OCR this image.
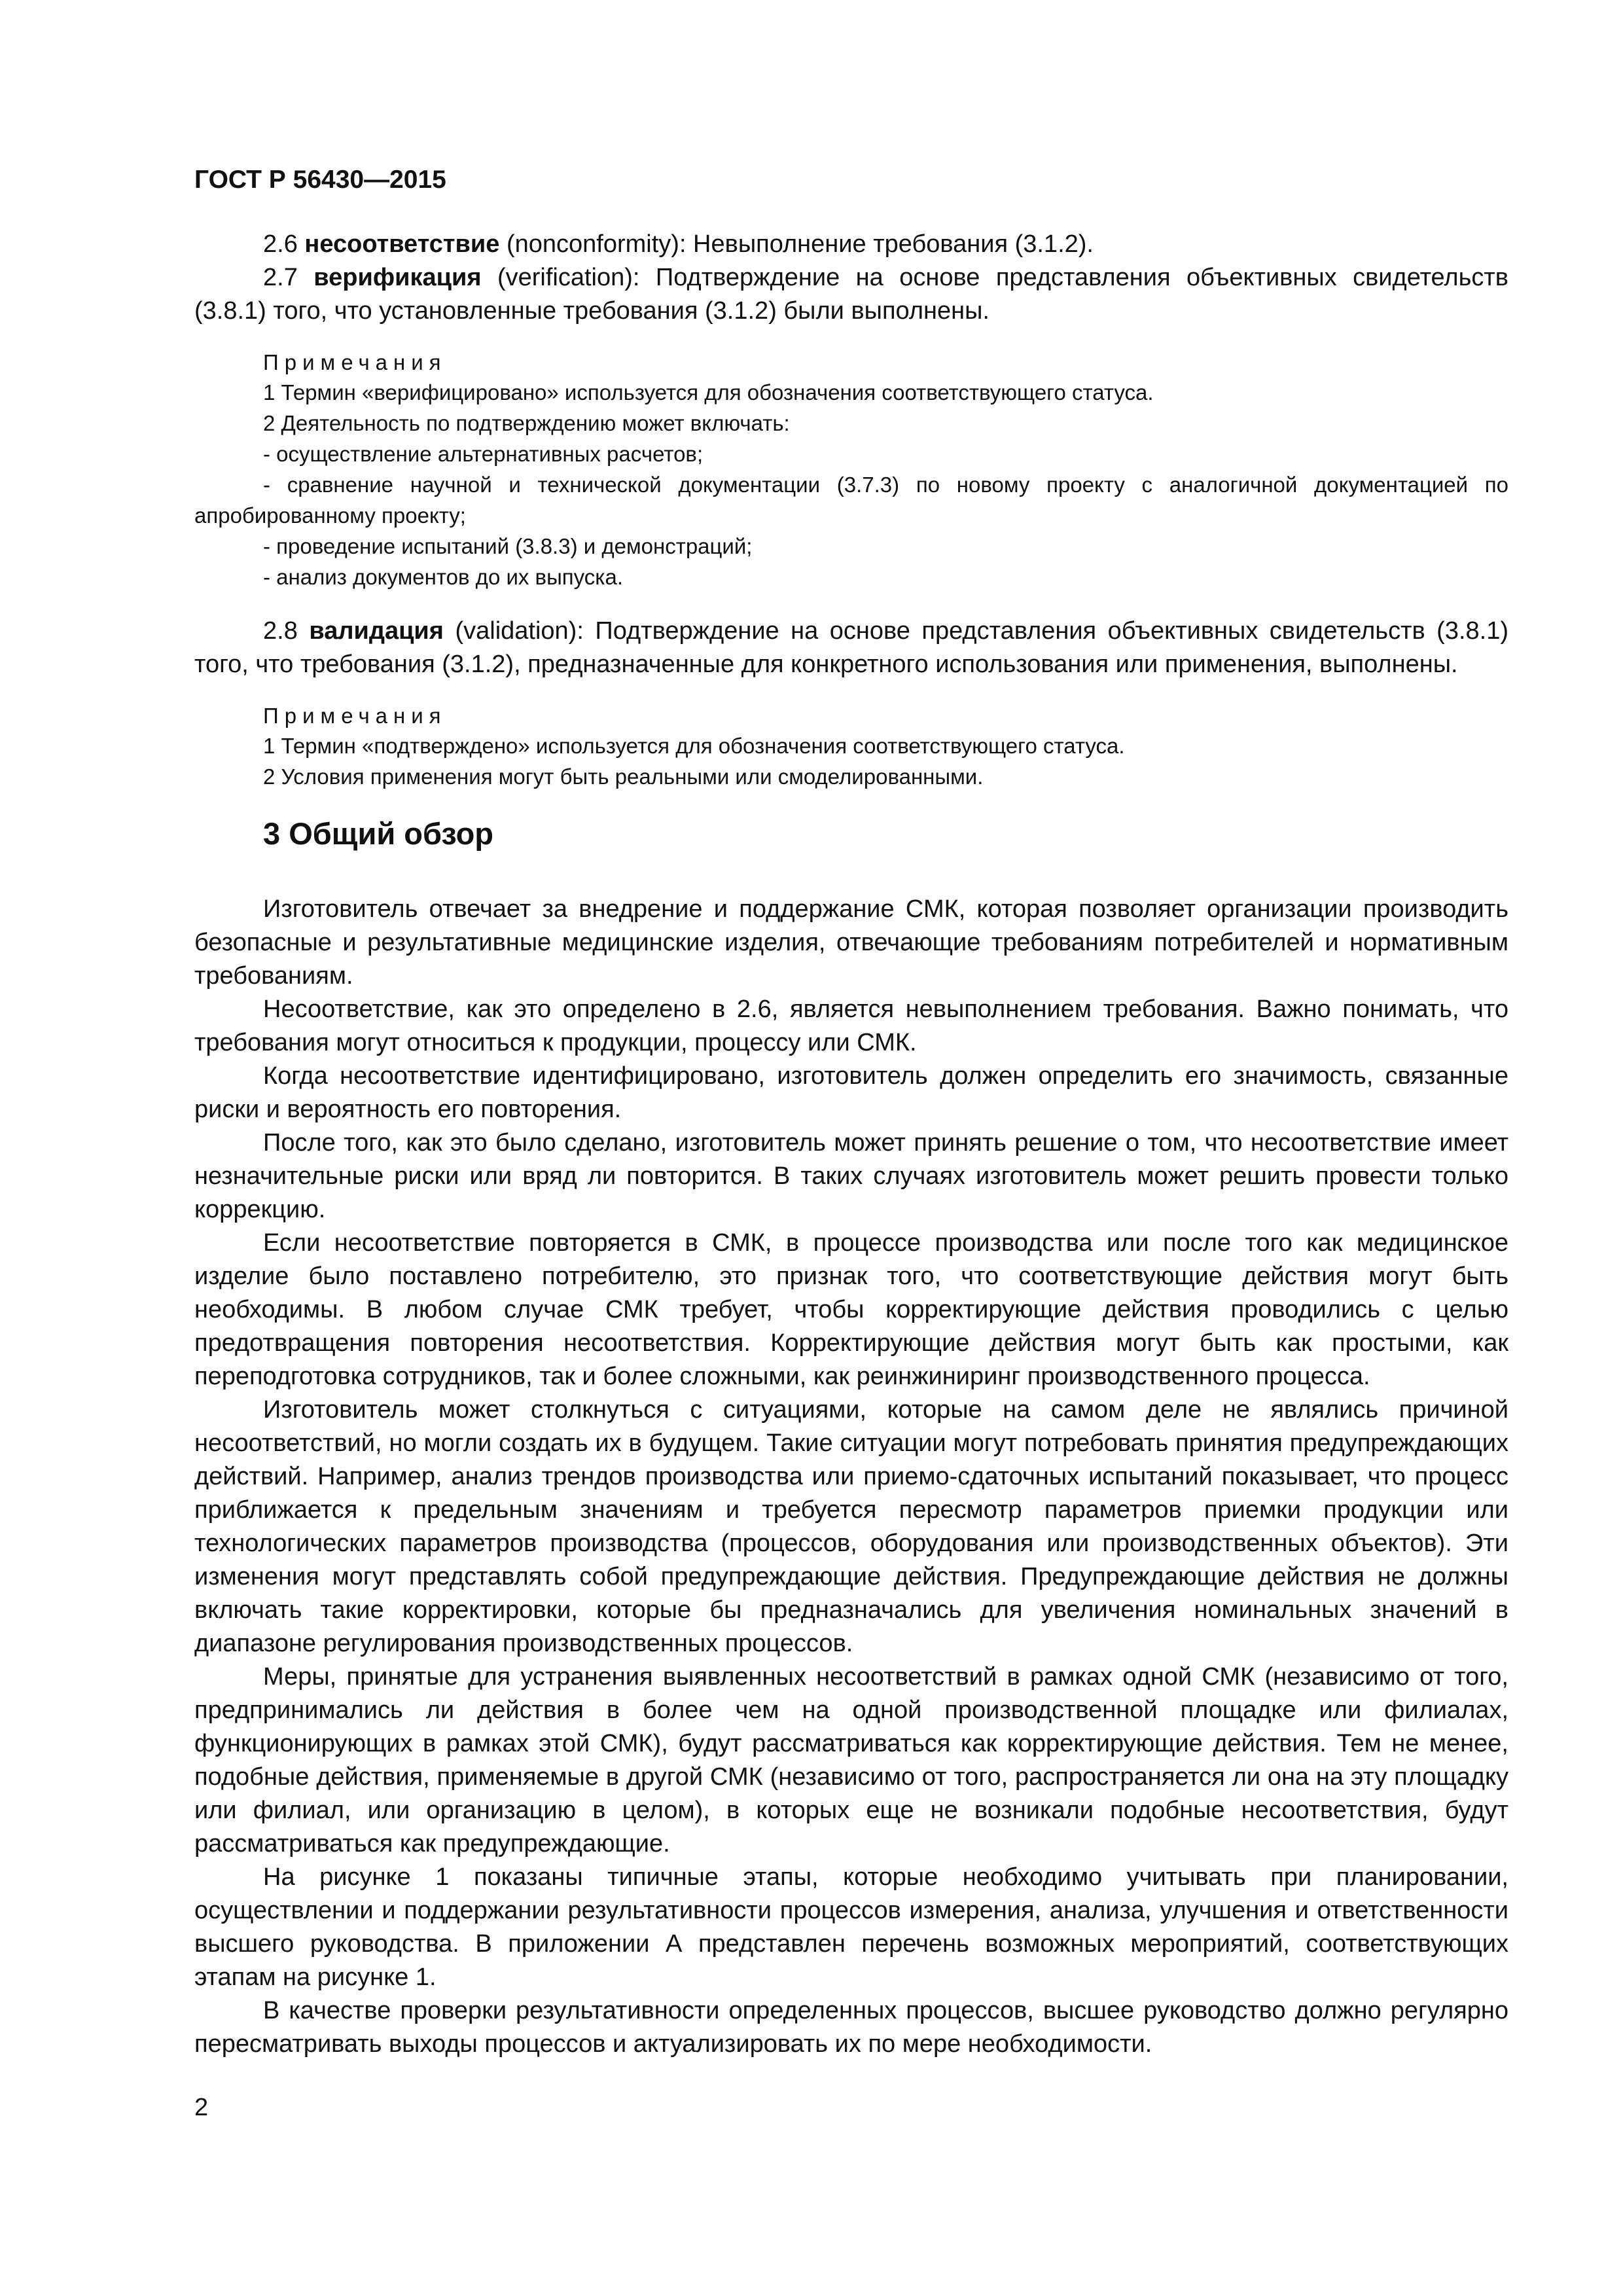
ГОСТ Р 56430—2015

2.6 несоответствие (nonconformity): Невыполнение требования (3.1.2).

2.7 верификация (verification): Подтверждение на основе представления объективных свидетельств (3.8.1) того, что установленные требования (3.1.2) были выполнены.

Примечания

1 Термин «верифицировано» используется для обозначения соответствующего статуса.

2 Деятельность по подтверждению может включать:

- осуществление альтернативных расчетов;

- сравнение научной и технической документации (3.7.3) по новому проекту с аналогичной документацией по апробированному проекту;

- проведение испытаний (3.8.3) и демонстраций;

- анализ документов до их выпуска.

2.8 валидация (validation): Подтверждение на основе представления объективных свидетельств (3.8.1) того, что требования (3.1.2), предназначенные для конкретного использования или применения, выполнены.

Примечания

1 Термин «подтверждено» используется для обозначения соответствующего статуса.

2 Условия применения могут быть реальными или смоделированными.

3 Общий обзор

Изготовитель отвечает за внедрение и поддержание СМК, которая позволяет организации производить безопасные и результативные медицинские изделия, отвечающие требованиям потребителей и нормативным требованиям.

Несоответствие, как это определено в 2.6, является невыполнением требования. Важно понимать, что требования могут относиться к продукции, процессу или СМК.

Когда несоответствие идентифицировано, изготовитель должен определить его значимость, связанные риски и вероятность его повторения.

После того, как это было сделано, изготовитель может принять решение о том, что несоответствие имеет незначительные риски или вряд ли повторится. В таких случаях изготовитель может решить провести только коррекцию.

Если несоответствие повторяется в СМК, в процессе производства или после того как медицинское изделие было поставлено потребителю, это признак того, что соответствующие действия могут быть необходимы. В любом случае СМК требует, чтобы корректирующие действия проводились с целью предотвращения повторения несоответствия. Корректирующие действия могут быть как простыми, как переподготовка сотрудников, так и более сложными, как реинжиниринг производственного процесса.

Изготовитель может столкнуться с ситуациями, которые на самом деле не являлись причиной несоответствий, но могли создать их в будущем. Такие ситуации могут потребовать принятия предупреждающих действий. Например, анализ трендов производства или приемо-сдаточных испытаний показывает, что процесс приближается к предельным значениям и требуется пересмотр параметров приемки продукции или технологических параметров производства (процессов, оборудования или производственных объектов). Эти изменения могут представлять собой предупреждающие действия. Предупреждающие действия не должны включать такие корректировки, которые бы предназначались для увеличения номинальных значений в диапазоне регулирования производственных процессов.

Меры, принятые для устранения выявленных несоответствий в рамках одной СМК (независимо от того, предпринимались ли действия в более чем на одной производственной площадке или филиалах, функционирующих в рамках этой СМК), будут рассматриваться как корректирующие действия. Тем не менее, подобные действия, применяемые в другой СМК (независимо от того, распространяется ли она на эту площадку или филиал, или организацию в целом), в которых еще не возникали подобные несоответствия, будут рассматриваться как предупреждающие.

На рисунке 1 показаны типичные этапы, которые необходимо учитывать при планировании, осуществлении и поддержании результативности процессов измерения, анализа, улучшения и ответственности высшего руководства. В приложении А представлен перечень возможных мероприятий, соответствующих этапам на рисунке 1.

В качестве проверки результативности определенных процессов, высшее руководство должно регулярно пересматривать выходы процессов и актуализировать их по мере необходимости.

2
